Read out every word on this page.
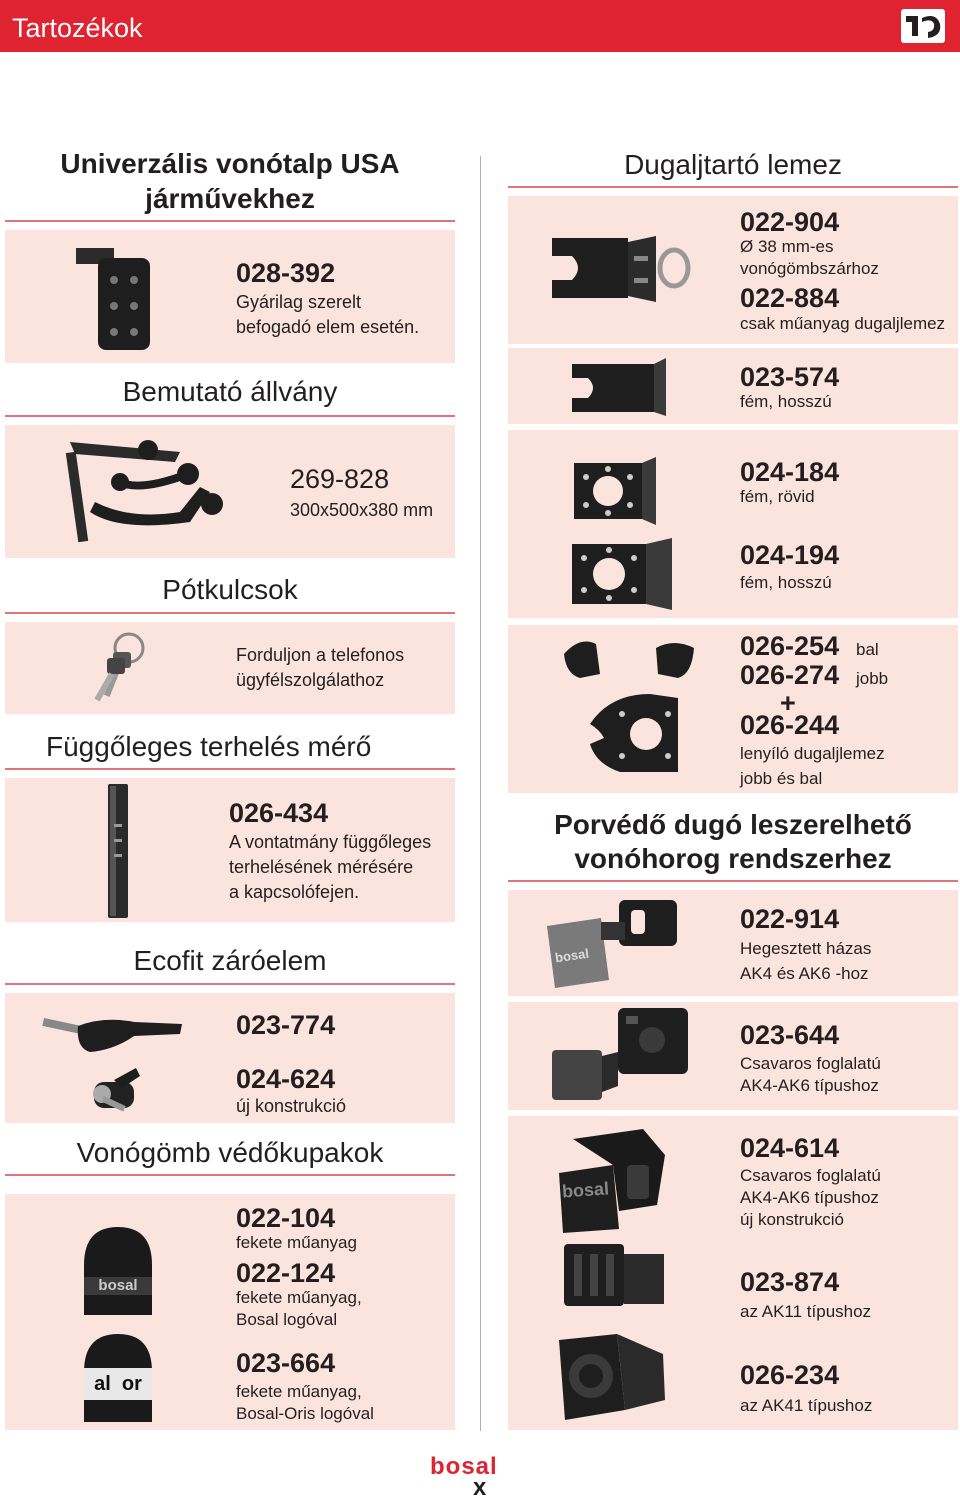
Tartozékok
Univerzális vonótalp USA
járművekhez
028-392
Gyárilag szerelt
befogadó elem esetén.
Bemutató állvány
269-828
300x500x380 mm
Pótkulcsok
Forduljon a telefonos
ügyfélszolgálathoz
Függőleges terhelés mérő
026-434
A vontatmány függőleges
terhelésének mérésére
a kapcsolófejen.
Ecofit záróelem
023-774
024-624
új konstrukció
Vonógömb védőkupakok
bosal
al  or
022-104
fekete műanyag
022-124
fekete műanyag,
Bosal logóval
023-664
fekete műanyag,
Bosal-Oris logóval
Dugaljtartó lemez
022-904
Ø 38 mm-es
vonógömbszárhoz
022-884
csak műanyag dugaljlemez
023-574
fém, hosszú
024-184
fém, rövid
024-194
fém, hosszú
026-254 bal
026-274 jobb
+
026-244
lenyíló dugaljlemez
jobb és bal
Porvédő dugó leszerelhető
vonóhorog rendszerhez
bosal
022-914
Hegesztett házas
AK4 és AK6 -hoz
023-644
Csavaros foglalatú
AK4-AK6 típushoz
bosal
024-614
Csavaros foglalatú
AK4-AK6 típushoz
új konstrukció
023-874
az AK11 típushoz
026-234
az AK41 típushoz
bosal
x
